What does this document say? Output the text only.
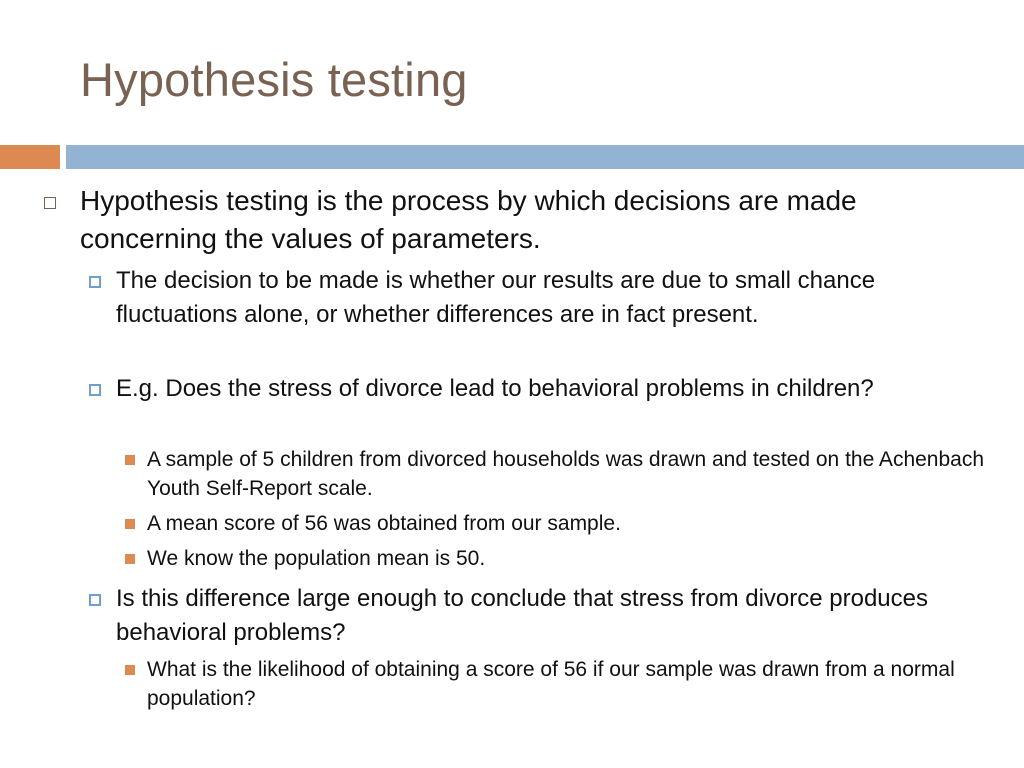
Hypothesis testing
Hypothesis testing is the process by which decisions are made concerning the values of parameters.
The decision to be made is whether our results are due to small chance fluctuations alone, or whether differences are in fact present.
E.g. Does the stress of divorce lead to behavioral problems in children?
A sample of 5 children from divorced households was drawn and tested on the Achenbach Youth Self-Report scale.
A mean score of 56 was obtained from our sample.
We know the population mean is 50.
Is this difference large enough to conclude that stress from divorce produces behavioral problems?
What is the likelihood of obtaining a score of 56 if our sample was drawn from a normal population?
